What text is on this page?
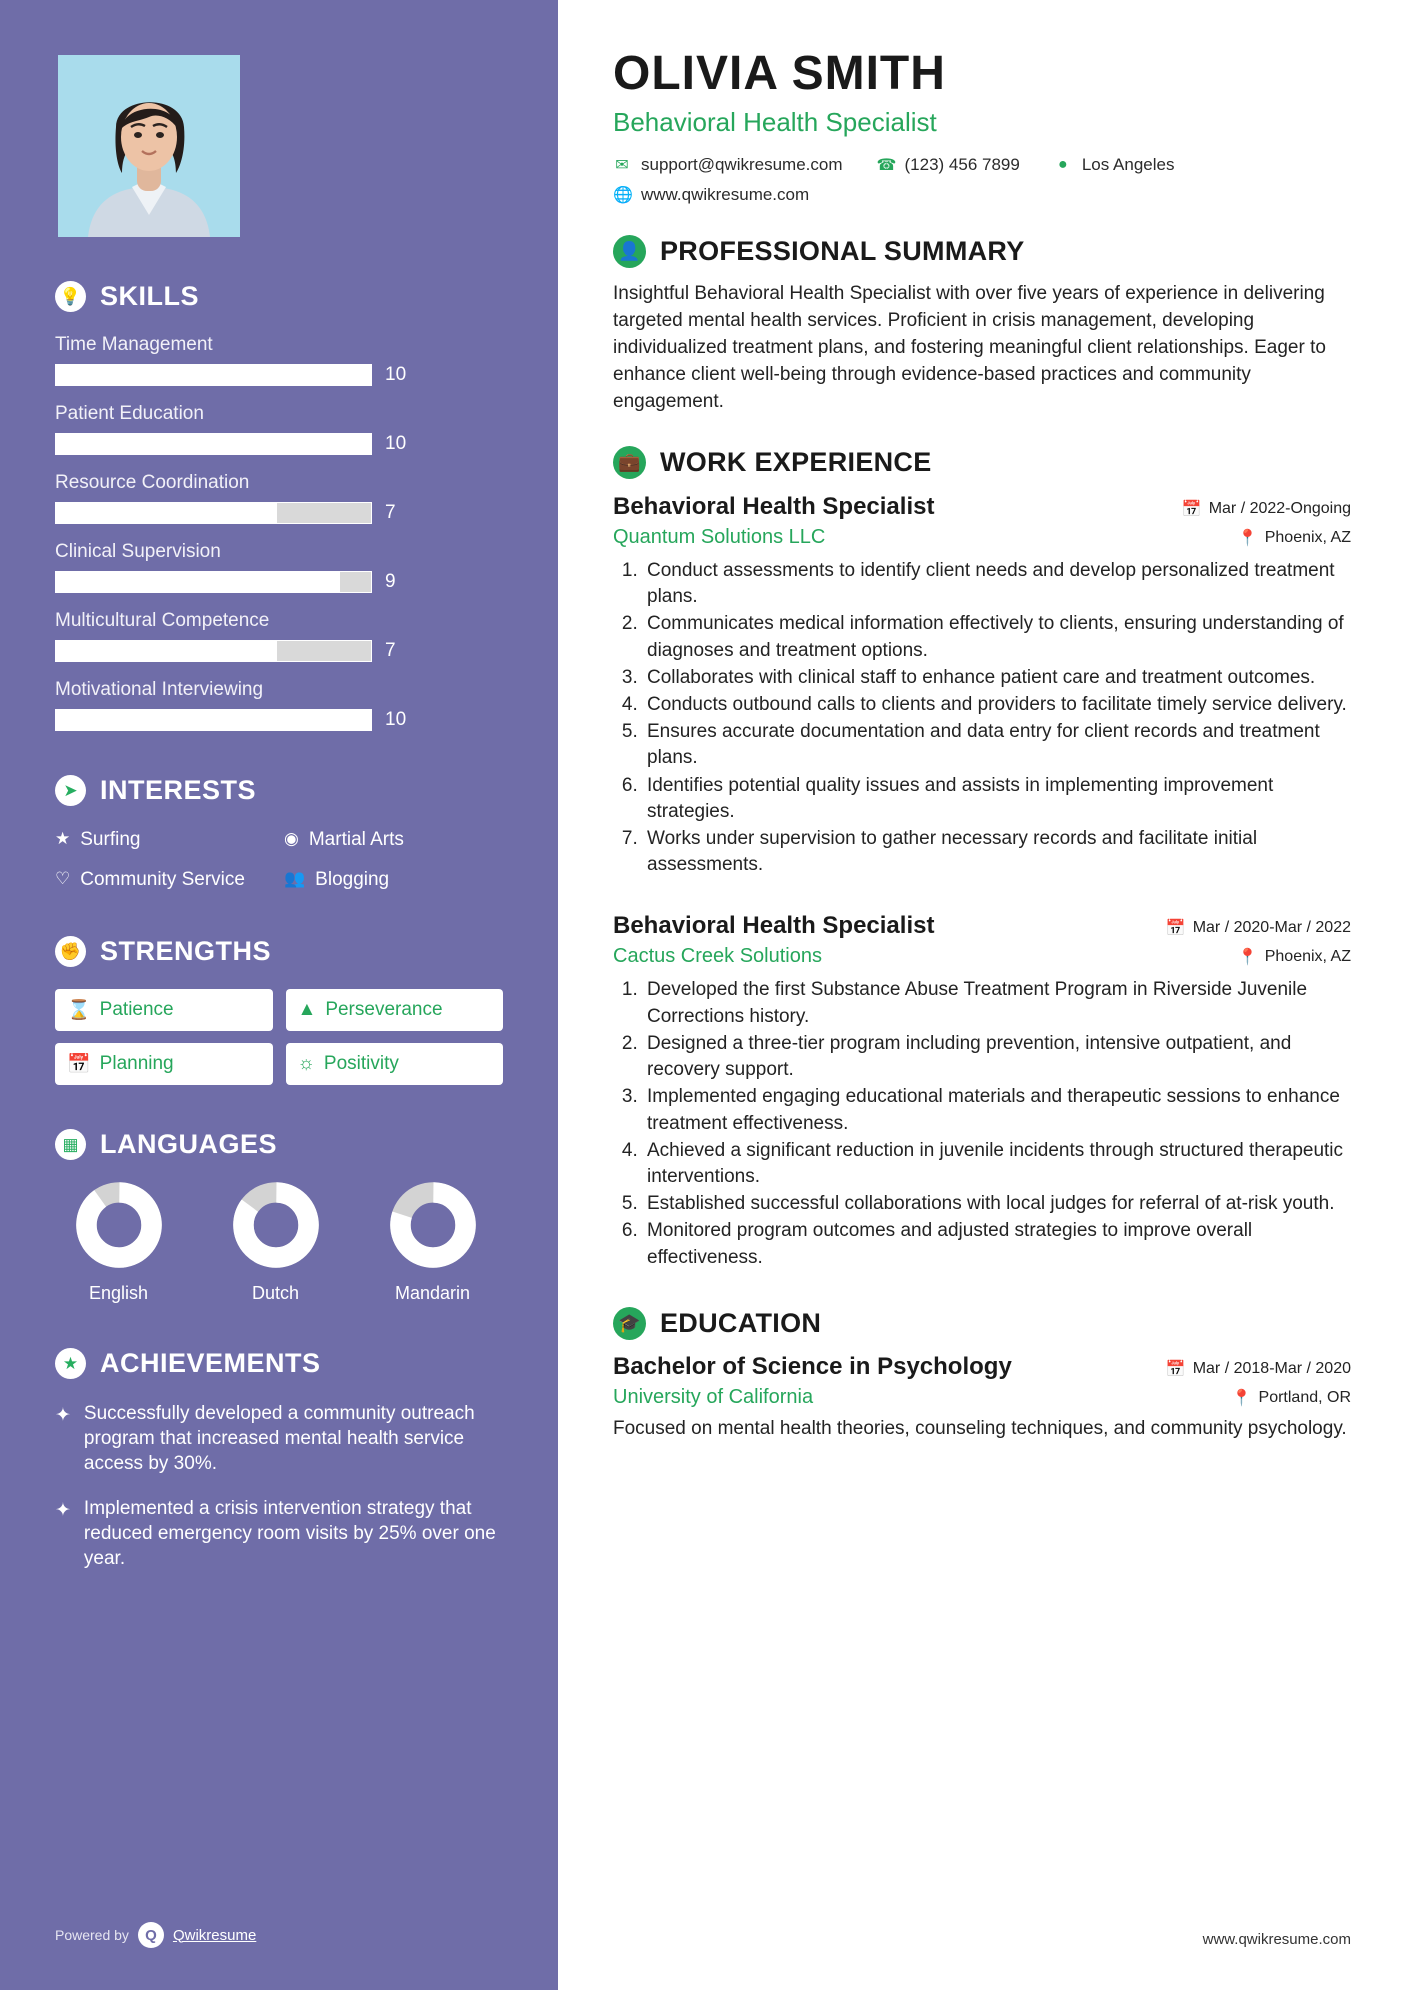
💡 SKILLS
Time Management
10
Patient Education
10
Resource Coordination
7
Clinical Supervision
9
Multicultural Competence
7
Motivational Interviewing
10
➤ INTERESTS
★ Surfing	◉ Martial Arts
♡ Community Service 👥 Blogging
✊ STRENGTHS
⌛ Patience	▲ Perseverance
📅 Planning	☼ Positivity
▦ LANGUAGES
English	Dutch	Mandarin
★ ACHIEVEMENTS
✦ Successfully developed a community outreach program that increased mental health service access by 30%.
✦ Implemented a crisis intervention strategy that reduced emergency room visits by 25% over one year.
Powered by	Q	Qwikresume
OLIVIA SMITH
Behavioral Health Specialist
✉ support@qwikresume.com ☎ (123) 456 7899 ● Los Angeles
🌐 www.qwikresume.com
👤 PROFESSIONAL SUMMARY

Insightful Behavioral Health Specialist with over five years of experience in delivering targeted mental health services. Proficient in crisis management, developing individualized treatment plans, and fostering meaningful client relationships. Eager to enhance client well-being through evidence-based practices and community engagement.

💼 WORK EXPERIENCE
Behavioral Health Specialist	📅 Mar / 2022-Ongoing
Quantum Solutions LLC	📍 Phoenix, AZ
1. Conduct assessments to identify client needs and develop personalized treatment plans.
2. Communicates medical information effectively to clients, ensuring understanding of diagnoses and treatment options.
3. Collaborates with clinical staff to enhance patient care and treatment outcomes.
4. Conducts outbound calls to clients and providers to facilitate timely service delivery.
5. Ensures accurate documentation and data entry for client records and treatment plans.
6. Identifies potential quality issues and assists in implementing improvement strategies.
7. Works under supervision to gather necessary records and facilitate initial assessments.
Behavioral Health Specialist	📅 Mar / 2020-Mar / 2022
Cactus Creek Solutions	📍 Phoenix, AZ
1. Developed the first Substance Abuse Treatment Program in Riverside Juvenile Corrections history.
2. Designed a three-tier program including prevention, intensive outpatient, and recovery support.
3. Implemented engaging educational materials and therapeutic sessions to enhance treatment effectiveness.
4. Achieved a significant reduction in juvenile incidents through structured therapeutic interventions.
5. Established successful collaborations with local judges for referral of at-risk youth.
6. Monitored program outcomes and adjusted strategies to improve overall effectiveness.
🎓 EDUCATION
Bachelor of Science in Psychology	📅 Mar / 2018-Mar / 2020
University of California	📍 Portland, OR

Focused on mental health theories, counseling techniques, and community psychology.

www.qwikresume.com
